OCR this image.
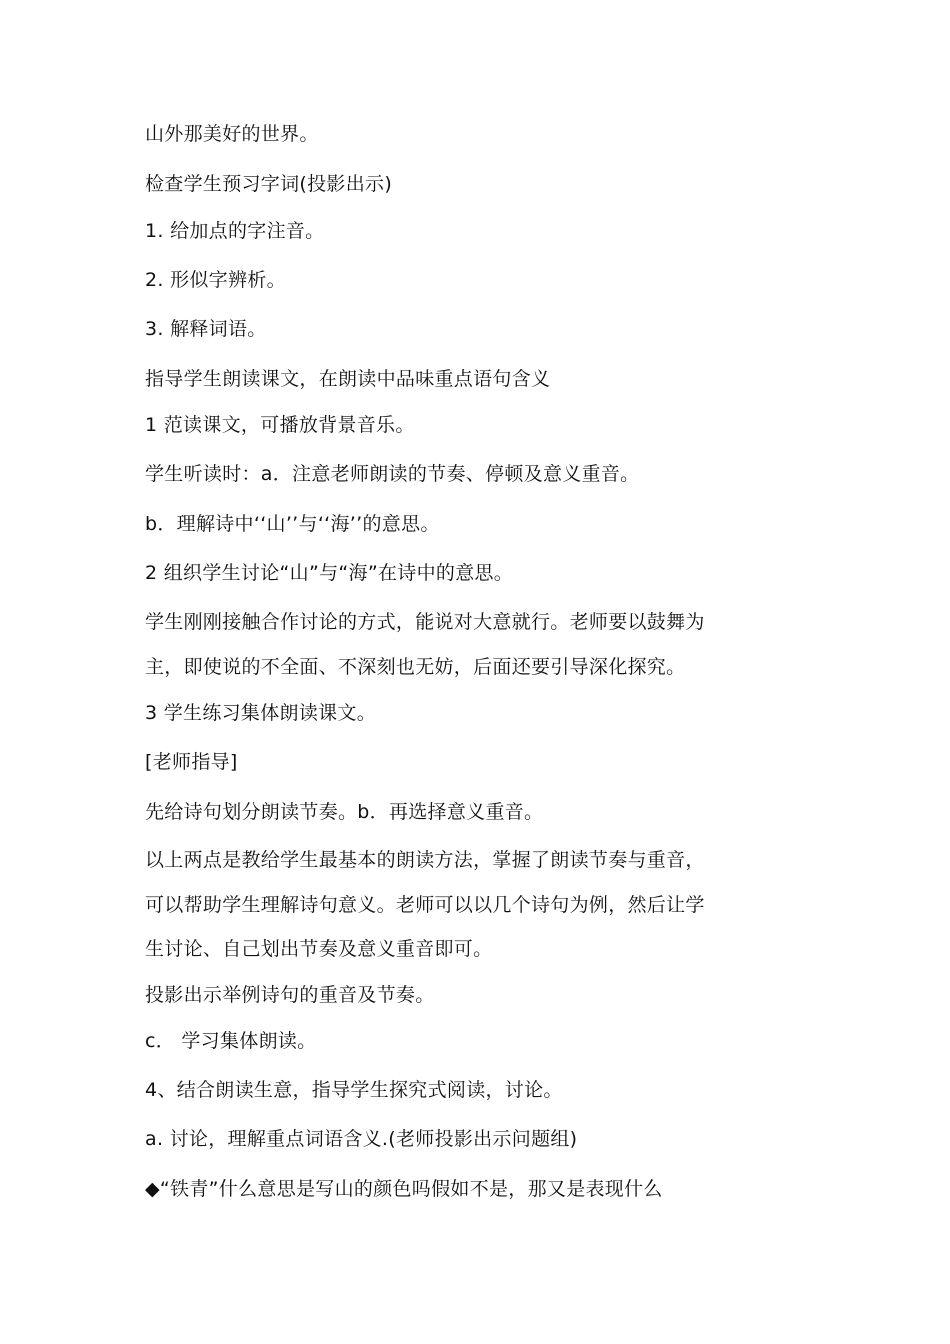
山外那美好的世界。
检查学生预习字词(投影出示)
1. 给加点的字注音。
2. 形似字辨析。
3. 解释词语。
指导学生朗读课文，在朗读中品味重点语句含义
1 范读课文，可播放背景音乐。
学生听读时：a．注意老师朗读的节奏、停顿及意义重音。
b．理解诗中‘‘山’’与‘‘海’’的意思。
2 组织学生讨论“山”与“海”在诗中的意思。
学生刚刚接触合作讨论的方式，能说对大意就行。老师要以鼓舞为
主，即使说的不全面、不深刻也无妨，后面还要引导深化探究。
3 学生练习集体朗读课文。
[老师指导]
先给诗句划分朗读节奏。b．再选择意义重音。
以上两点是教给学生最基本的朗读方法，掌握了朗读节奏与重音，
可以帮助学生理解诗句意义。老师可以以几个诗句为例，然后让学
生讨论、自己划出节奏及意义重音即可。
投影出示举例诗句的重音及节奏。
c． 学习集体朗读。
4、结合朗读生意，指导学生探究式阅读，讨论。
a. 讨论，理解重点词语含义.(老师投影出示问题组)
◆“铁青”什么意思是写山的颜色吗假如不是，那又是表现什么
